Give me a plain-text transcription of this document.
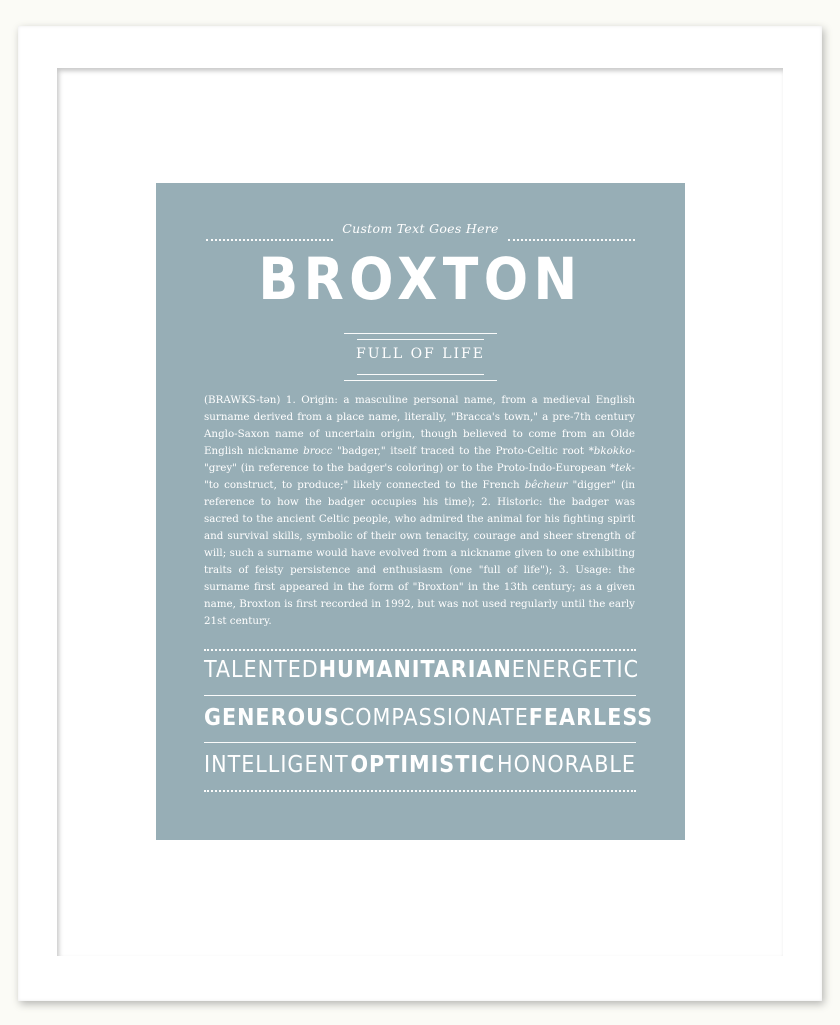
Custom Text Goes Here
BROXTON
FULL OF LIFE
(BRAWKS-tən) 1. Origin: a masculine personal name, from a medieval English surname derived from a place name, literally, "Bracca's town," a pre-7th century Anglo-Saxon name of uncertain origin, though believed to come from an Olde English nickname brocc "badger," itself traced to the Proto-Celtic root *bkokko- "grey" (in reference to the badger's coloring) or to the Proto-Indo-European *tek- "to construct, to produce;" likely connected to the French bêcheur "digger" (in reference to how the badger occupies his time); 2. Historic: the badger was sacred to the ancient Celtic people, who admired the animal for his fighting spirit and survival skills, symbolic of their own tenacity, courage and sheer strength of will; such a surname would have evolved from a nickname given to one exhibiting traits of feisty persistence and enthusiasm (one "full of life"); 3. Usage: the surname first appeared in the form of "Broxton" in the 13th century; as a given name, Broxton is first recorded in 1992, but was not used regularly until the early 21st century.
TALENTED HUMANITARIAN ENERGETIC
GENEROUS COMPASSIONATE FEARLESS
INTELLIGENT OPTIMISTIC HONORABLE
